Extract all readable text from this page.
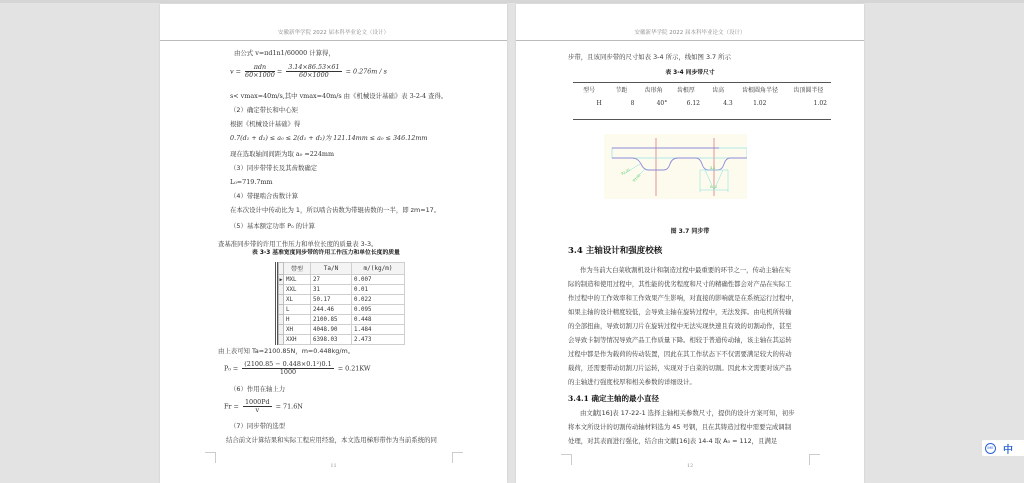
安徽新华学院 2022 届本科毕业论文（设计）
由公式 v=πd1n1/60000 计算得，
$v = \frac{\text{πdn}}{60\times 1000} = \frac{3.14\times 86.53\times 61}{60\times 1000} = 0.276m / s$
s< vmax=40m/s,其中 vmax=40m/s 由《机械设计基础》表 3-2-4 查得。
（2）确定带长和中心矩
根据《机械设计基础》得
0.7(d₁ + d₂) ≤ a₀ ≤ 2(d₁ + d₂)为 121.14mm ≤ a₀ ≤ 346.12mm
现在选取轴间间距为取 a₀ =224mm
（3）同步带带长及其齿数确定
L₀=719.7mm
（4）带辊啮合齿数计算
在本次设计中传动比为 1，所以啮合齿数为带辊齿数的一半，即 zm=17。
（5）基本额定功率 P₀ 的计算
查基准同步带的许用工作压力和单位长度的质量表 3-3。
表 3-3 基准宽度同步带的许用工作压力和单位长度的质量
	带型	Ta/N	m/(kg/m)
▶	MXL	27	0.007
	XXL	31	0.01
	XL	50.17	0.022
	L	244.46	0.095
	H	2100.85	0.448
	XH	4048.90	1.484
	XXH	6398.03	2.473
由上表可知 Ta=2100.85N，m=0.448kg/m。
$P_0 = \frac{\text{(2100.85 − 0.448×0.1²)0.1}}{1000} = 0.21KW$
（6）作用在轴上力
$Fr = \frac{1000Pd}{v} = 71.6N$
（7）同步带的选型
结合前文计算结果和实际工程应用经验，本文选用梯形带作为当前系统的同
11
安徽新华学院 2022 届本科毕业论文（设计）
步带，且该同步带的尺寸如表 3-4 所示，线如图 3.7 所示
表 3-4 同步带尺寸
型号	节距	齿形角	齿根厚	齿高	齿根圆角半径	齿顶圆半径
H	8	40°	6.12	4.3	1.02	1.02
R1.02
R1.02
4.3
6.12
图 3.7 同步带
3.4 主轴设计和强度校核
作为当前大白菜收割机设计和制造过程中最重要的环节之一，传动主轴在实
际的制造和使用过程中，其性能的优劣程度和尺寸的精确性都会对产品在实际工
作过程中的工作效率和工作效果产生影响，对直接的影响就是在系统运行过程中，
如果主轴的设计精度较低，会导致主轴在旋转过程中，无法发挥。由电机所传输
的全部扭曲，导致切割刀片在旋转过程中无法实现快速且有效的切割动作，甚至
会导致卡制等情况导致产品工作质量下降。相较于普通传动轴，该主轴在其运转
过程中都是作为载荷的传动装置，因此在其工作状态下不仅需要满足较大的传动
载荷，还需要带动切割刀片运转，实现对于白菜的切割。因此本文需要对该产品
的主轴进行强度校厚和相关参数的详细设计。
3.4.1 确定主轴的最小直径
由文献[16]表 17-22-1 选择主轴相关参数尺寸，提供的设计方案可知，初步
将本文所设计的切割传动轴材料选为 45 号钢，且在其铸造过程中需要完成调制
处理，对其表面进行强化，结合由文献[16]表 14-4 取 A₀ = 112，且满足
12
IME 中
